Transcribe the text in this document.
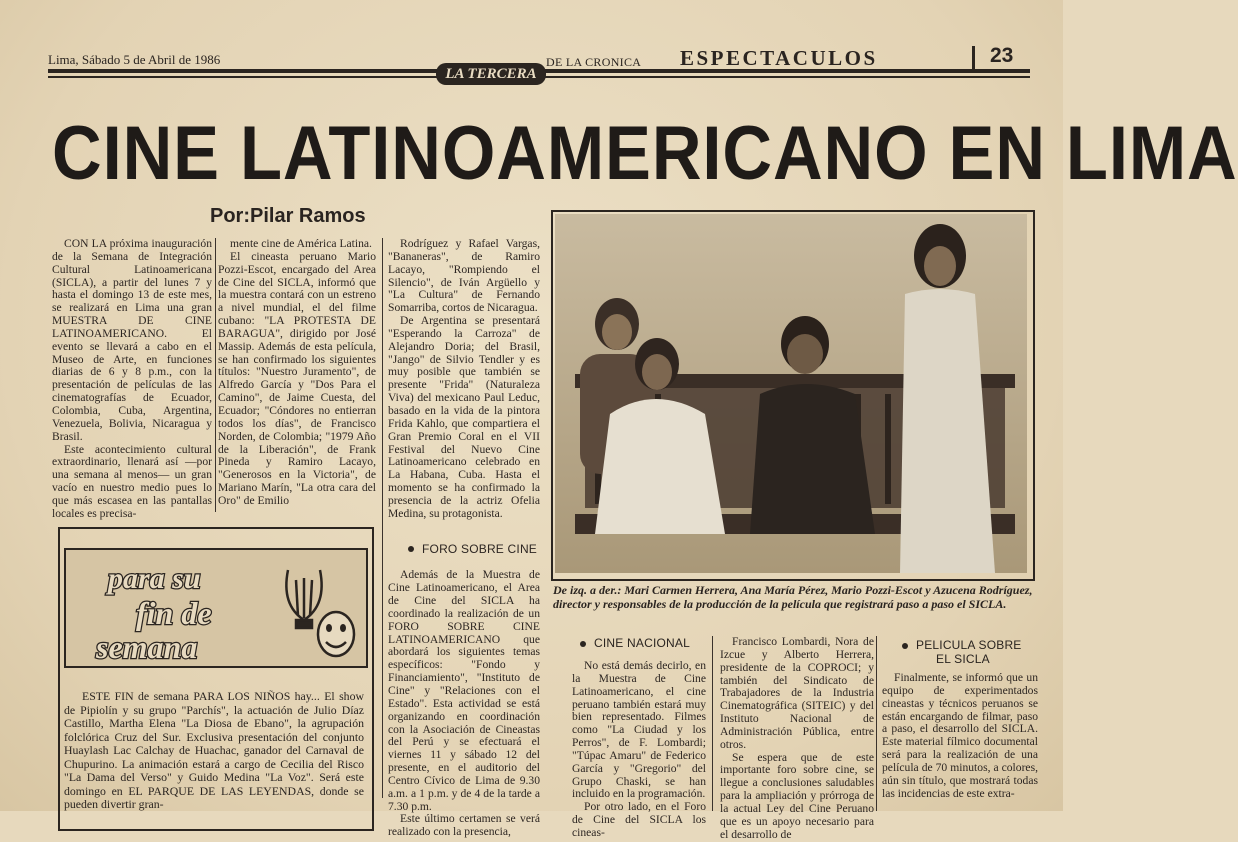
Lima, Sábado 5 de Abril de 1986
LA TERCERA
DE LA CRONICA ESPECTACULOS	23
CINE LATINOAMERICANO EN LIMA
Por:Pilar Ramos

CON LA próxima inauguración de la Semana de Integración Cultural Latinoamericana (SICLA), a partir del lunes 7 y hasta el domingo 13 de este mes, se realizará en Lima una gran MUESTRA DE CINE LATINOAMERICANO. El evento se llevará a cabo en el Museo de Arte, en funciones diarias de 6 y 8 p.m., con la presentación de películas de las cinematografías de Ecuador, Colombia, Cuba, Argentina, Venezuela, Bolivia, Nicaragua y Brasil.

Este acontecimiento cultural extraordinario, llenará así —por una semana al menos— un gran vacío en nuestro medio pues lo que más escasea en las pantallas locales es precisa-

mente cine de América Latina.

El cineasta peruano Mario Pozzi-Escot, encargado del Area de Cine del SICLA, informó que la muestra contará con un estreno a nivel mundial, el del filme cubano: "LA PROTESTA DE BARAGUA", dirigido por José Massip. Además de esta película, se han confirmado los siguientes títulos: "Nuestro Juramento", de Alfredo García y "Dos Para el Camino", de Jaime Cuesta, del Ecuador; "Cóndores no entierran todos los días", de Francisco Norden, de Colombia; "1979 Año de la Liberación", de Frank Pineda y Ramiro Lacayo, "Generosos en la Victoria", de Mariano Marín, "La otra cara del Oro" de Emilio

Rodríguez y Rafael Vargas, "Bananeras", de Ramiro Lacayo, "Rompiendo el Silencio", de Iván Argüello y "La Cultura" de Fernando Somarriba, cortos de Nicaragua.

De Argentina se presentará "Esperando la Carroza" de Alejandro Doria; del Brasil, "Jango" de Silvio Tendler y es muy posible que también se presente "Frida" (Naturaleza Viva) del mexicano Paul Leduc, basado en la vida de la pintora Frida Kahlo, que compartiera el Gran Premio Coral en el VII Festival del Nuevo Cine Latinoamericano celebrado en La Habana, Cuba. Hasta el momento se ha confirmado la presencia de la actriz Ofelia Medina, su protagonista.

FORO SOBRE CINE

Además de la Muestra de Cine Latinoamericano, el Area de Cine del SICLA ha coordinado la realización de un FORO SOBRE CINE LATINOAMERICANO que abordará los siguientes temas específicos: "Fondo y Financiamiento", "Instituto de Cine" y "Relaciones con el Estado". Esta actividad se está organizando en coordinación con la Asociación de Cineastas del Perú y se efectuará el viernes 11 y sábado 12 del presente, en el auditorio del Centro Cívico de Lima de 9.30 a.m. a 1 p.m. y de 4 de la tarde a 7.30 p.m.

Este último certamen se verá realizado con la presencia,

De izq. a der.: Mari Carmen Herrera, Ana María Pérez, Mario Pozzi-Escot y Azucena Rodríguez, director y responsables de la producción de la película que registrará paso a paso el SICLA.
CINE NACIONAL

No está demás decirlo, en la Muestra de Cine Latinoamericano, el cine peruano también estará muy bien representado. Filmes como "La Ciudad y los Perros", de F. Lombardi; "Túpac Amaru" de Federico García y "Gregorio" del Grupo Chaski, se han incluido en la programación.

Por otro lado, en el Foro de Cine del SICLA los cineas-

Francisco Lombardi, Nora de Izcue y Alberto Herrera, presidente de la COPROCI; y también del Sindicato de Trabajadores de la Industria Cinematográfica (SITEIC) y del Instituto Nacional de Administración Pública, entre otros.

Se espera que de este importante foro sobre cine, se llegue a conclusiones saludables para la ampliación y prórroga de la actual Ley del Cine Peruano que es un apoyo necesario para el desarrollo de

PELICULA SOBRE
EL SICLA

Finalmente, se informó que un equipo de experimentados cineastas y técnicos peruanos se están encargando de filmar, paso a paso, el desarrollo del SICLA. Este material fílmico documental será para la realización de una película de 70 minutos, a colores, aún sin título, que mostrará todas las incidencias de este extra-

para su
fin de
semana

ESTE FIN de semana PARA LOS NIÑOS hay... El show de Pipiolín y su grupo "Parchís", la actuación de Julio Díaz Castillo, Martha Elena "La Diosa de Ebano", la agrupación folclórica Cruz del Sur. Exclusiva presentación del conjunto Huaylash Lac Calchay de Huachac, ganador del Carnaval de Chupurino. La animación estará a cargo de Cecilia del Risco "La Dama del Verso" y Guido Medina "La Voz". Será este domingo en EL PARQUE DE LAS LEYENDAS, donde se pueden divertir gran-
